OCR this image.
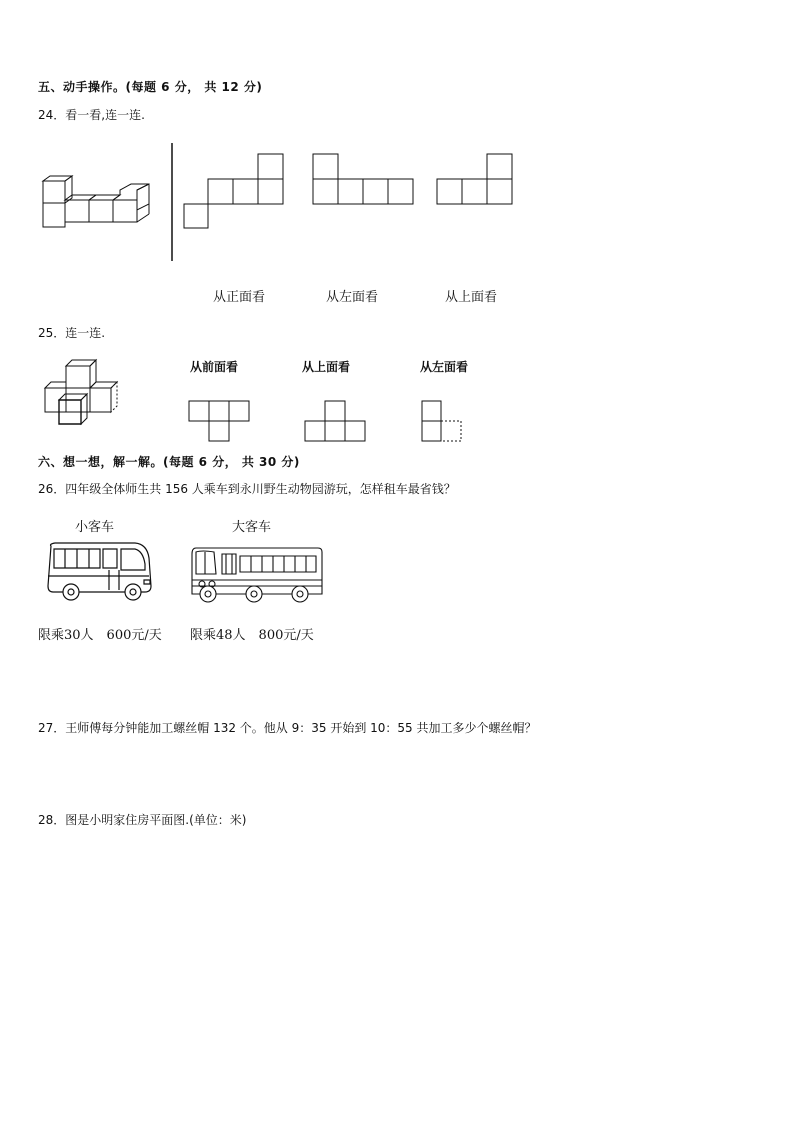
五、动手操作。(每题 6 分， 共 12 分)
24．看一看,连一连.
从正面看	从左面看	从上面看
25．连一连.
从前面看	从上面看	从左面看
六、想一想，解一解。(每题 6 分， 共 30 分)
26．四年级全体师生共 156 人乘车到永川野生动物园游玩，怎样租车最省钱？
小客车	大客车
限乘30人　600元/天 限乘48人　800元/天
27．王师傅每分钟能加工螺丝帽 132 个。他从 9：35 开始到 10：55 共加工多少个螺丝帽？
28．图是小明家住房平面图.(单位：米)
